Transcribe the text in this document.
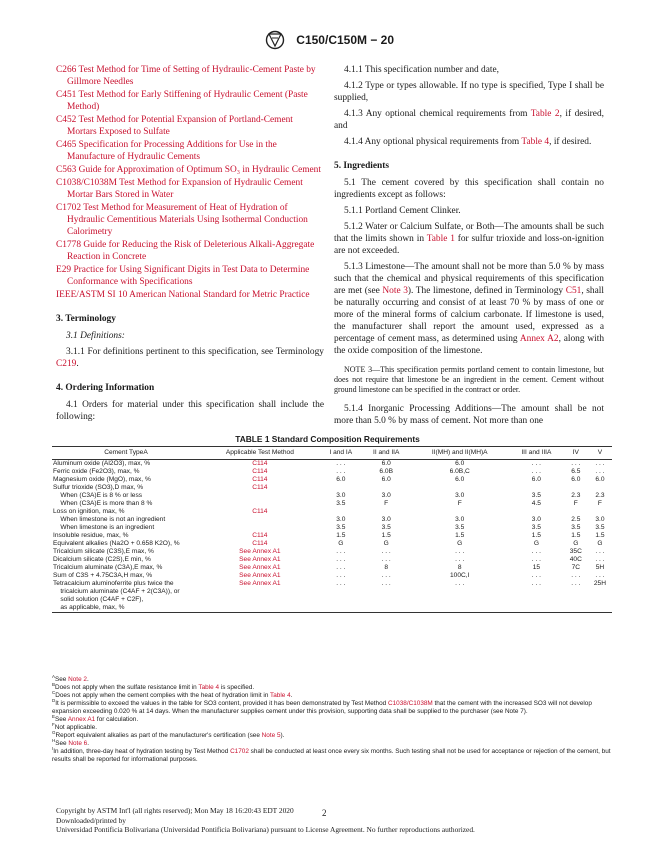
C150/C150M − 20
C266 Test Method for Time of Setting of Hydraulic-Cement Paste by Gillmore Needles
C451 Test Method for Early Stiffening of Hydraulic Cement (Paste Method)
C452 Test Method for Potential Expansion of Portland-Cement Mortars Exposed to Sulfate
C465 Specification for Processing Additions for Use in the Manufacture of Hydraulic Cements
C563 Guide for Approximation of Optimum SO₃ in Hydraulic Cement
C1038/C1038M Test Method for Expansion of Hydraulic Cement Mortar Bars Stored in Water
C1702 Test Method for Measurement of Heat of Hydration of Hydraulic Cementitious Materials Using Isothermal Conduction Calorimetry
C1778 Guide for Reducing the Risk of Deleterious Alkali-Aggregate Reaction in Concrete
E29 Practice for Using Significant Digits in Test Data to Determine Conformance with Specifications
IEEE/ASTM SI 10 American National Standard for Metric Practice
3. Terminology
3.1 Definitions:
3.1.1 For definitions pertinent to this specification, see Terminology C219.
4. Ordering Information
4.1 Orders for material under this specification shall include the following:
4.1.1 This specification number and date,
4.1.2 Type or types allowable. If no type is specified, Type I shall be supplied,
4.1.3 Any optional chemical requirements from Table 2, if desired, and
4.1.4 Any optional physical requirements from Table 4, if desired.
5. Ingredients
5.1 The cement covered by this specification shall contain no ingredients except as follows:
5.1.1 Portland Cement Clinker.
5.1.2 Water or Calcium Sulfate, or Both—The amounts shall be such that the limits shown in Table 1 for sulfur trioxide and loss-on-ignition are not exceeded.
5.1.3 Limestone—The amount shall not be more than 5.0 % by mass such that the chemical and physical requirements of this specification are met (see Note 3). The limestone, defined in Terminology C51, shall be naturally occurring and consist of at least 70 % by mass of one or more of the mineral forms of calcium carbonate. If limestone is used, the manufacturer shall report the amount used, expressed as a percentage of cement mass, as determined using Annex A2, along with the oxide composition of the limestone.
NOTE 3—This specification permits portland cement to contain limestone, but does not require that limestone be an ingredient in the cement. Cement without ground limestone can be specified in the contract or order.
5.1.4 Inorganic Processing Additions—The amount shall be not more than 5.0 % by mass of cement. Not more than one
TABLE 1 Standard Composition Requirements
Cement TypeA	Applicable Test Method	I and IA	II and IIA	II(MH) and II(MH)A	III and IIIA	IV	V
Aluminum oxide (Al2O3), max, %	C114	. . .	6.0	6.0	. . .	. . .	. . .
Ferric oxide (Fe2O3), max, %	C114	. . .	6.0B	6.0B,C	. . .	6.5	. . .
Magnesium oxide (MgO), max, %	C114	6.0	6.0	6.0	6.0	6.0	6.0
Sulfur trioxide (SO3),D max, %	C114						
When (C3A)E is 8 % or less		3.0	3.0	3.0	3.5	2.3	2.3
When (C3A)E is more than 8 %		3.5	F	F	4.5	F	F
Loss on ignition, max, %	C114						
When limestone is not an ingredient		3.0	3.0	3.0	3.0	2.5	3.0
When limestone is an ingredient		3.5	3.5	3.5	3.5	3.5	3.5
Insoluble residue, max, %	C114	1.5	1.5	1.5	1.5	1.5	1.5
Equivalent alkalies (Na2O + 0.658 K2O), %	C114	G	G	G	G	G	G
Tricalcium silicate (C3S),E max, %	See Annex A1	. . .	. . .	. . .	. . .	35C	. . .
Dicalcium silicate (C2S),E min, %	See Annex A1	. . .	. . .	. . .	. . .	40C	. . .
Tricalcium aluminate (C3A),E max, %	See Annex A1	. . .	8	8	15	7C	5H
Sum of C3S + 4.75C3A,H max, %	See Annex A1	. . .	. . .	100C,I	. . .	. . .	. . .
Tetracalcium aluminoferrite plus twice the	See Annex A1	. . .	. . .	. . .	. . .	. . .	25H
tricalcium aluminate (C4AF + 2(C3A)), or							
solid solution (C4AF + C2F),							
as applicable, max, %							
$^A$See Note 2.
$^B$Does not apply when the sulfate resistance limit in Table 4 is specified.
$^C$Does not apply when the cement complies with the heat of hydration limit in Table 4.
$^D$It is permissible to exceed the values in the table for SO3 content, provided it has been demonstrated by Test Method C1038/C1038M that the cement with the increased SO3 will not develop expansion exceeding 0.020 % at 14 days. When the manufacturer supplies cement under this provision, supporting data shall be supplied to the purchaser (see Note 7).
$^E$See Annex A1 for calculation.
$^F$Not applicable.
$^G$Report equivalent alkalies as part of the manufacturer's certification (see Note 5).
$^H$See Note 6.
$^I$In addition, three-day heat of hydration testing by Test Method C1702 shall be conducted at least once every six months. Such testing shall not be used for acceptance or rejection of the cement, but results shall be reported for informational purposes.
Copyright by ASTM Int'l (all rights reserved); Mon May 18 16:20:43 EDT 2020
Downloaded/printed by
Universidad Pontificia Bolivariana (Universidad Pontificia Bolivariana) pursuant to License Agreement. No further reproductions authorized.
2
